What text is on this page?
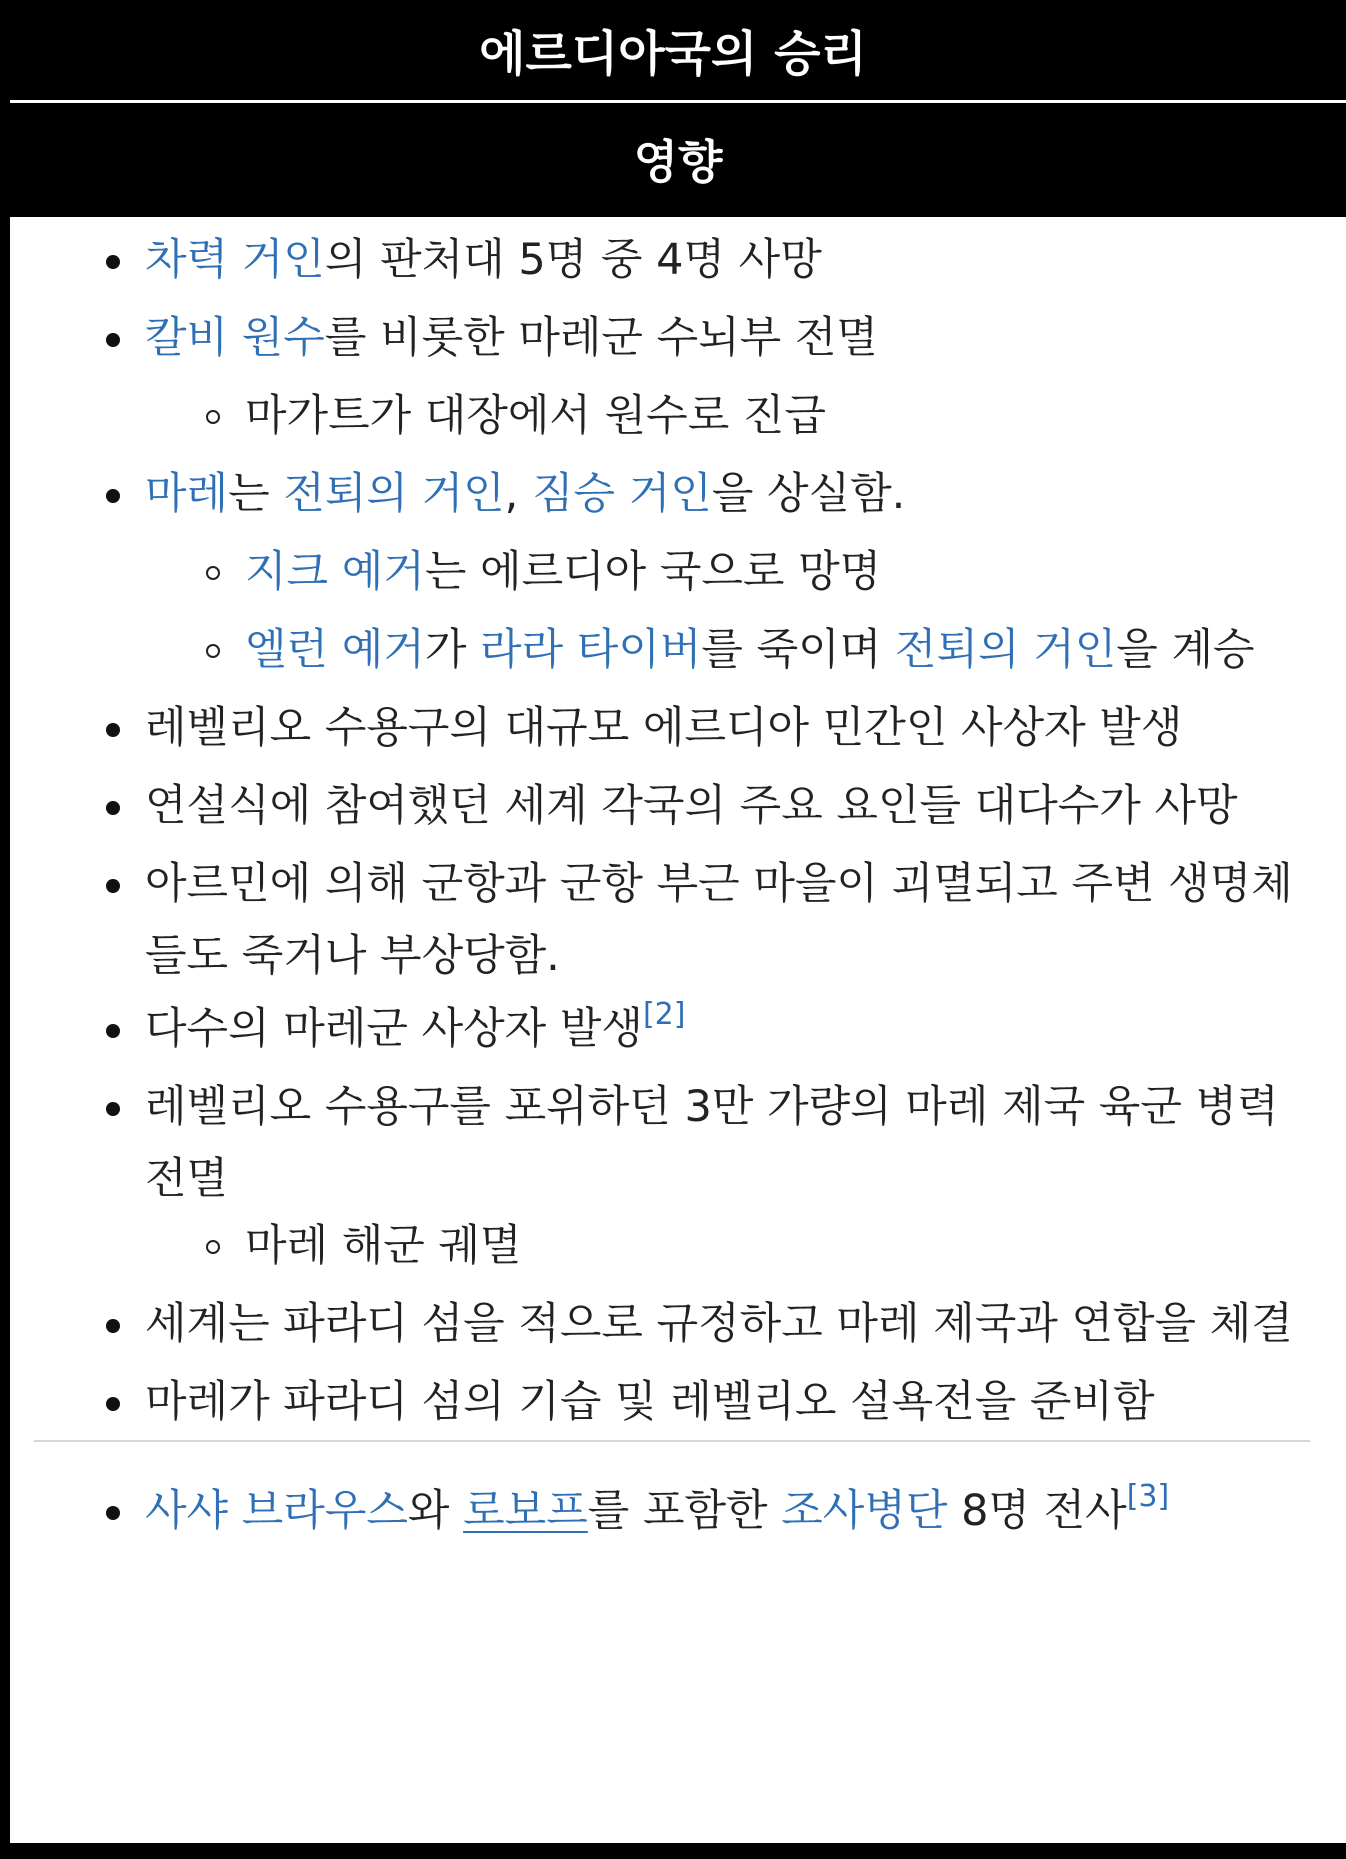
에르디아국의 승리
영향
차력 거인의 판처대 5명 중 4명 사망
칼비 원수를 비롯한 마레군 수뇌부 전멸
마가트가 대장에서 원수로 진급
마레는 전퇴의 거인, 짐승 거인을 상실함.
지크 예거는 에르디아 국으로 망명
엘런 예거가 라라 타이버를 죽이며 전퇴의 거인을 계승
레벨리오 수용구의 대규모 에르디아 민간인 사상자 발생
연설식에 참여했던 세계 각국의 주요 요인들 대다수가 사망
아르민에 의해 군항과 군항 부근 마을이 괴멸되고 주변 생명체들도 죽거나 부상당함.
다수의 마레군 사상자 발생[2]
레벨리오 수용구를 포위하던 3만 가량의 마레 제국 육군 병력 전멸
마레 해군 궤멸
세계는 파라디 섬을 적으로 규정하고 마레 제국과 연합을 체결
마레가 파라디 섬의 기습 및 레벨리오 설욕전을 준비함
사샤 브라우스와 로보프를 포함한 조사병단 8명 전사[3]
